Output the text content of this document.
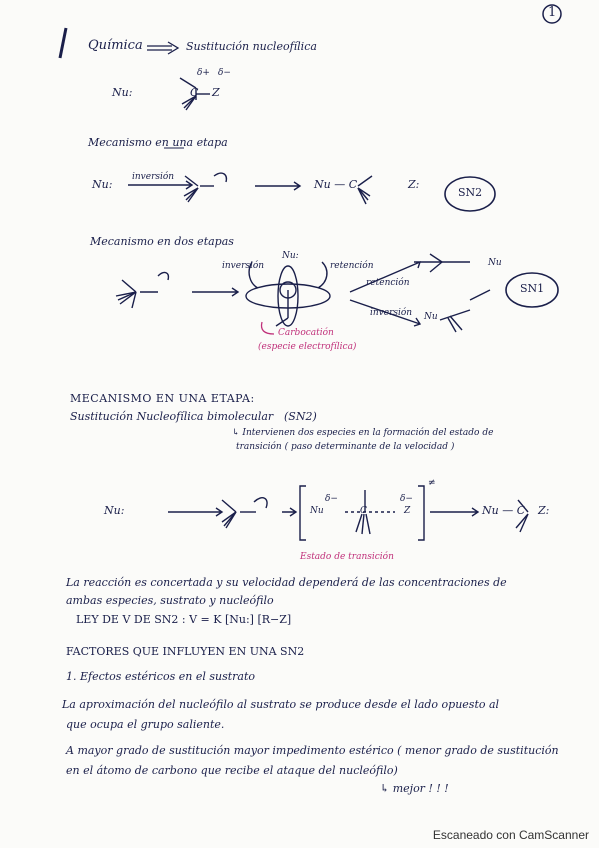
1
Química	Sustitución nucleofílica
Nu:
δ+ δ−
C Z
Mecanismo en una etapa
Nu:
inversión
Nu — C	Z:
SN2
Mecanismo en dos etapas
Nu:
inversión	retención
retención
inversión
Nu
Nu
SN1
Carbocatión
(especie electrofílica)
MECANISMO EN UNA ETAPA:
Sustitución Nucleofílica bimolecular (SN2)
↳ Intervienen dos especies en la formación del estado de
transición ( paso determinante de la velocidad )
Nu:
δ−
Nu	C
δ−
Z
≠
Nu — C Z:
Estado de transición
La reacción es concertada y su velocidad dependerá de las concentraciones de
ambas especies, sustrato y nucleófilo
LEY DE V DE SN2 : V = K [Nu:] [R−Z]
FACTORES QUE INFLUYEN EN UNA SN2
1. Efectos estéricos en el sustrato
La aproximación del nucleófilo al sustrato se produce desde el lado opuesto al
que ocupa el grupo saliente.
A mayor grado de sustitución mayor impedimento estérico ( menor grado de sustitución
en el átomo de carbono que recibe el ataque del nucleófilo)
↳ mejor ! ! !
Escaneado con CamScanner
